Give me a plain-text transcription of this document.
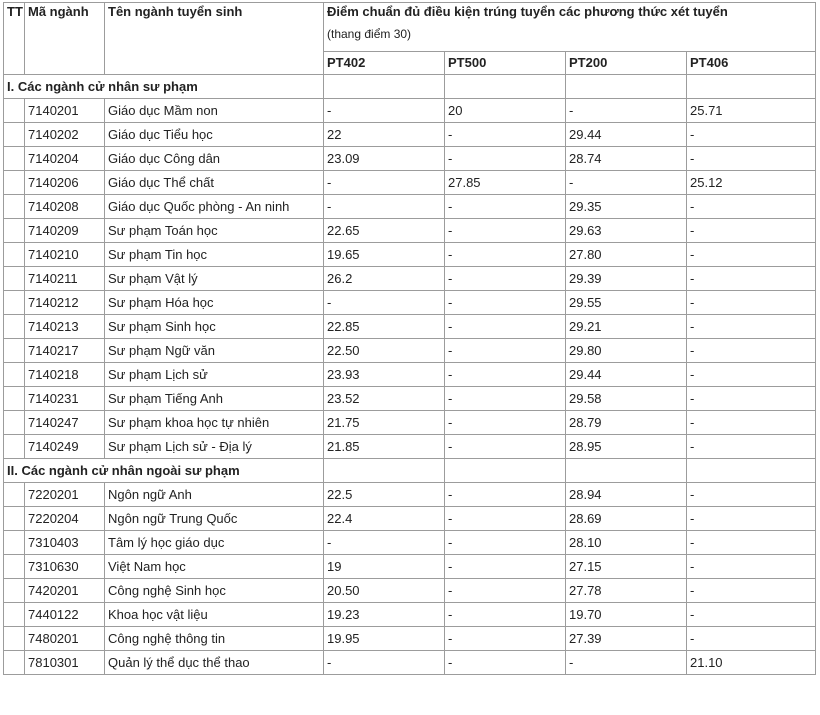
TT	Mã ngành	Tên ngành tuyển sinh	Điểm chuẩn đủ điều kiện trúng tuyển các phương thức xét tuyển
(thang điểm 30)			

			PT402	PT500	PT200	PT406
I. Các ngành cử nhân sư phạm						
	7140201	Giáo dục Mầm non	-	20	-	25.71
	7140202	Giáo dục Tiểu học	22	-	29.44	-
	7140204	Giáo dục Công dân	23.09	-	28.74	-
	7140206	Giáo dục Thể chất	-	27.85	-	25.12
	7140208	Giáo dục Quốc phòng - An ninh	-	-	29.35	-
	7140209	Sư phạm Toán học	22.65	-	29.63	-
	7140210	Sư phạm Tin học	19.65	-	27.80	-
	7140211	Sư phạm Vật lý	26.2	-	29.39	-
	7140212	Sư phạm Hóa học	-	-	29.55	-
	7140213	Sư phạm Sinh học	22.85	-	29.21	-
	7140217	Sư phạm Ngữ văn	22.50	-	29.80	-
	7140218	Sư phạm Lịch sử	23.93	-	29.44	-
	7140231	Sư phạm Tiếng Anh	23.52	-	29.58	-
	7140247	Sư phạm khoa học tự nhiên	21.75	-	28.79	-
	7140249	Sư phạm Lịch sử - Địa lý	21.85	-	28.95	-
II. Các ngành cử nhân ngoài sư phạm						
	7220201	Ngôn ngữ Anh	22.5	-	28.94	-
	7220204	Ngôn ngữ Trung Quốc	22.4	-	28.69	-
	7310403	Tâm lý học giáo dục	-	-	28.10	-
	7310630	Việt Nam học	19	-	27.15	-
	7420201	Công nghệ Sinh học	20.50	-	27.78	-
	7440122	Khoa học vật liệu	19.23	-	19.70	-
	7480201	Công nghệ thông tin	19.95	-	27.39	-
	7810301	Quản lý thể dục thể thao	-	-	-	21.10
